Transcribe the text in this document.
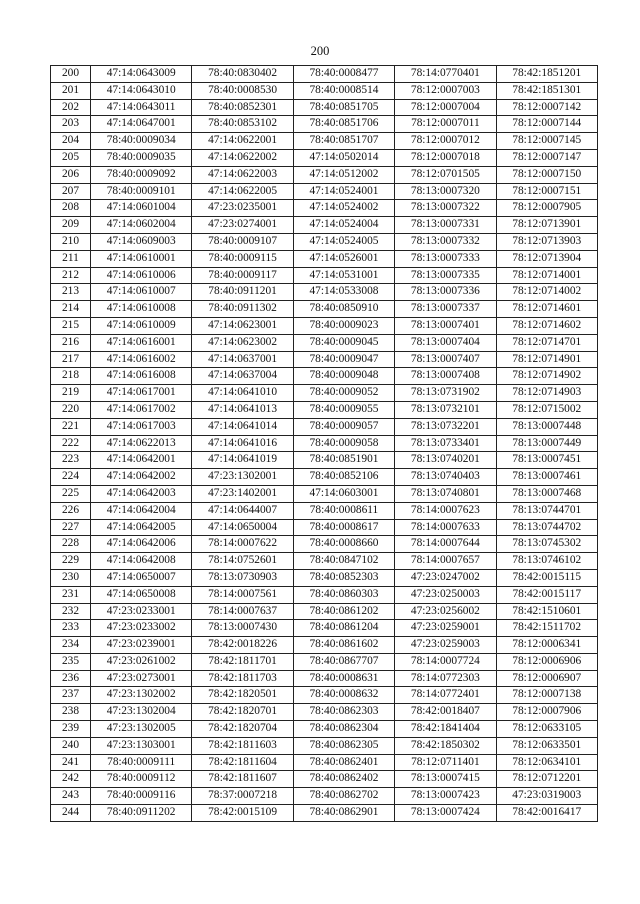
200
200	47:14:0643009	78:40:0830402	78:40:0008477	78:14:0770401	78:42:1851201
201	47:14:0643010	78:40:0008530	78:40:0008514	78:12:0007003	78:42:1851301
202	47:14:0643011	78:40:0852301	78:40:0851705	78:12:0007004	78:12:0007142
203	47:14:0647001	78:40:0853102	78:40:0851706	78:12:0007011	78:12:0007144
204	78:40:0009034	47:14:0622001	78:40:0851707	78:12:0007012	78:12:0007145
205	78:40:0009035	47:14:0622002	47:14:0502014	78:12:0007018	78:12:0007147
206	78:40:0009092	47:14:0622003	47:14:0512002	78:12:0701505	78:12:0007150
207	78:40:0009101	47:14:0622005	47:14:0524001	78:13:0007320	78:12:0007151
208	47:14:0601004	47:23:0235001	47:14:0524002	78:13:0007322	78:12:0007905
209	47:14:0602004	47:23:0274001	47:14:0524004	78:13:0007331	78:12:0713901
210	47:14:0609003	78:40:0009107	47:14:0524005	78:13:0007332	78:12:0713903
211	47:14:0610001	78:40:0009115	47:14:0526001	78:13:0007333	78:12:0713904
212	47:14:0610006	78:40:0009117	47:14:0531001	78:13:0007335	78:12:0714001
213	47:14:0610007	78:40:0911201	47:14:0533008	78:13:0007336	78:12:0714002
214	47:14:0610008	78:40:0911302	78:40:0850910	78:13:0007337	78:12:0714601
215	47:14:0610009	47:14:0623001	78:40:0009023	78:13:0007401	78:12:0714602
216	47:14:0616001	47:14:0623002	78:40:0009045	78:13:0007404	78:12:0714701
217	47:14:0616002	47:14:0637001	78:40:0009047	78:13:0007407	78:12:0714901
218	47:14:0616008	47:14:0637004	78:40:0009048	78:13:0007408	78:12:0714902
219	47:14:0617001	47:14:0641010	78:40:0009052	78:13:0731902	78:12:0714903
220	47:14:0617002	47:14:0641013	78:40:0009055	78:13:0732101	78:12:0715002
221	47:14:0617003	47:14:0641014	78:40:0009057	78:13:0732201	78:13:0007448
222	47:14:0622013	47:14:0641016	78:40:0009058	78:13:0733401	78:13:0007449
223	47:14:0642001	47:14:0641019	78:40:0851901	78:13:0740201	78:13:0007451
224	47:14:0642002	47:23:1302001	78:40:0852106	78:13:0740403	78:13:0007461
225	47:14:0642003	47:23:1402001	47:14:0603001	78:13:0740801	78:13:0007468
226	47:14:0642004	47:14:0644007	78:40:0008611	78:14:0007623	78:13:0744701
227	47:14:0642005	47:14:0650004	78:40:0008617	78:14:0007633	78:13:0744702
228	47:14:0642006	78:14:0007622	78:40:0008660	78:14:0007644	78:13:0745302
229	47:14:0642008	78:14:0752601	78:40:0847102	78:14:0007657	78:13:0746102
230	47:14:0650007	78:13:0730903	78:40:0852303	47:23:0247002	78:42:0015115
231	47:14:0650008	78:14:0007561	78:40:0860303	47:23:0250003	78:42:0015117
232	47:23:0233001	78:14:0007637	78:40:0861202	47:23:0256002	78:42:1510601
233	47:23:0233002	78:13:0007430	78:40:0861204	47:23:0259001	78:42:1511702
234	47:23:0239001	78:42:0018226	78:40:0861602	47:23:0259003	78:12:0006341
235	47:23:0261002	78:42:1811701	78:40:0867707	78:14:0007724	78:12:0006906
236	47:23:0273001	78:42:1811703	78:40:0008631	78:14:0772303	78:12:0006907
237	47:23:1302002	78:42:1820501	78:40:0008632	78:14:0772401	78:12:0007138
238	47:23:1302004	78:42:1820701	78:40:0862303	78:42:0018407	78:12:0007906
239	47:23:1302005	78:42:1820704	78:40:0862304	78:42:1841404	78:12:0633105
240	47:23:1303001	78:42:1811603	78:40:0862305	78:42:1850302	78:12:0633501
241	78:40:0009111	78:42:1811604	78:40:0862401	78:12:0711401	78:12:0634101
242	78:40:0009112	78:42:1811607	78:40:0862402	78:13:0007415	78:12:0712201
243	78:40:0009116	78:37:0007218	78:40:0862702	78:13:0007423	47:23:0319003
244	78:40:0911202	78:42:0015109	78:40:0862901	78:13:0007424	78:42:0016417
